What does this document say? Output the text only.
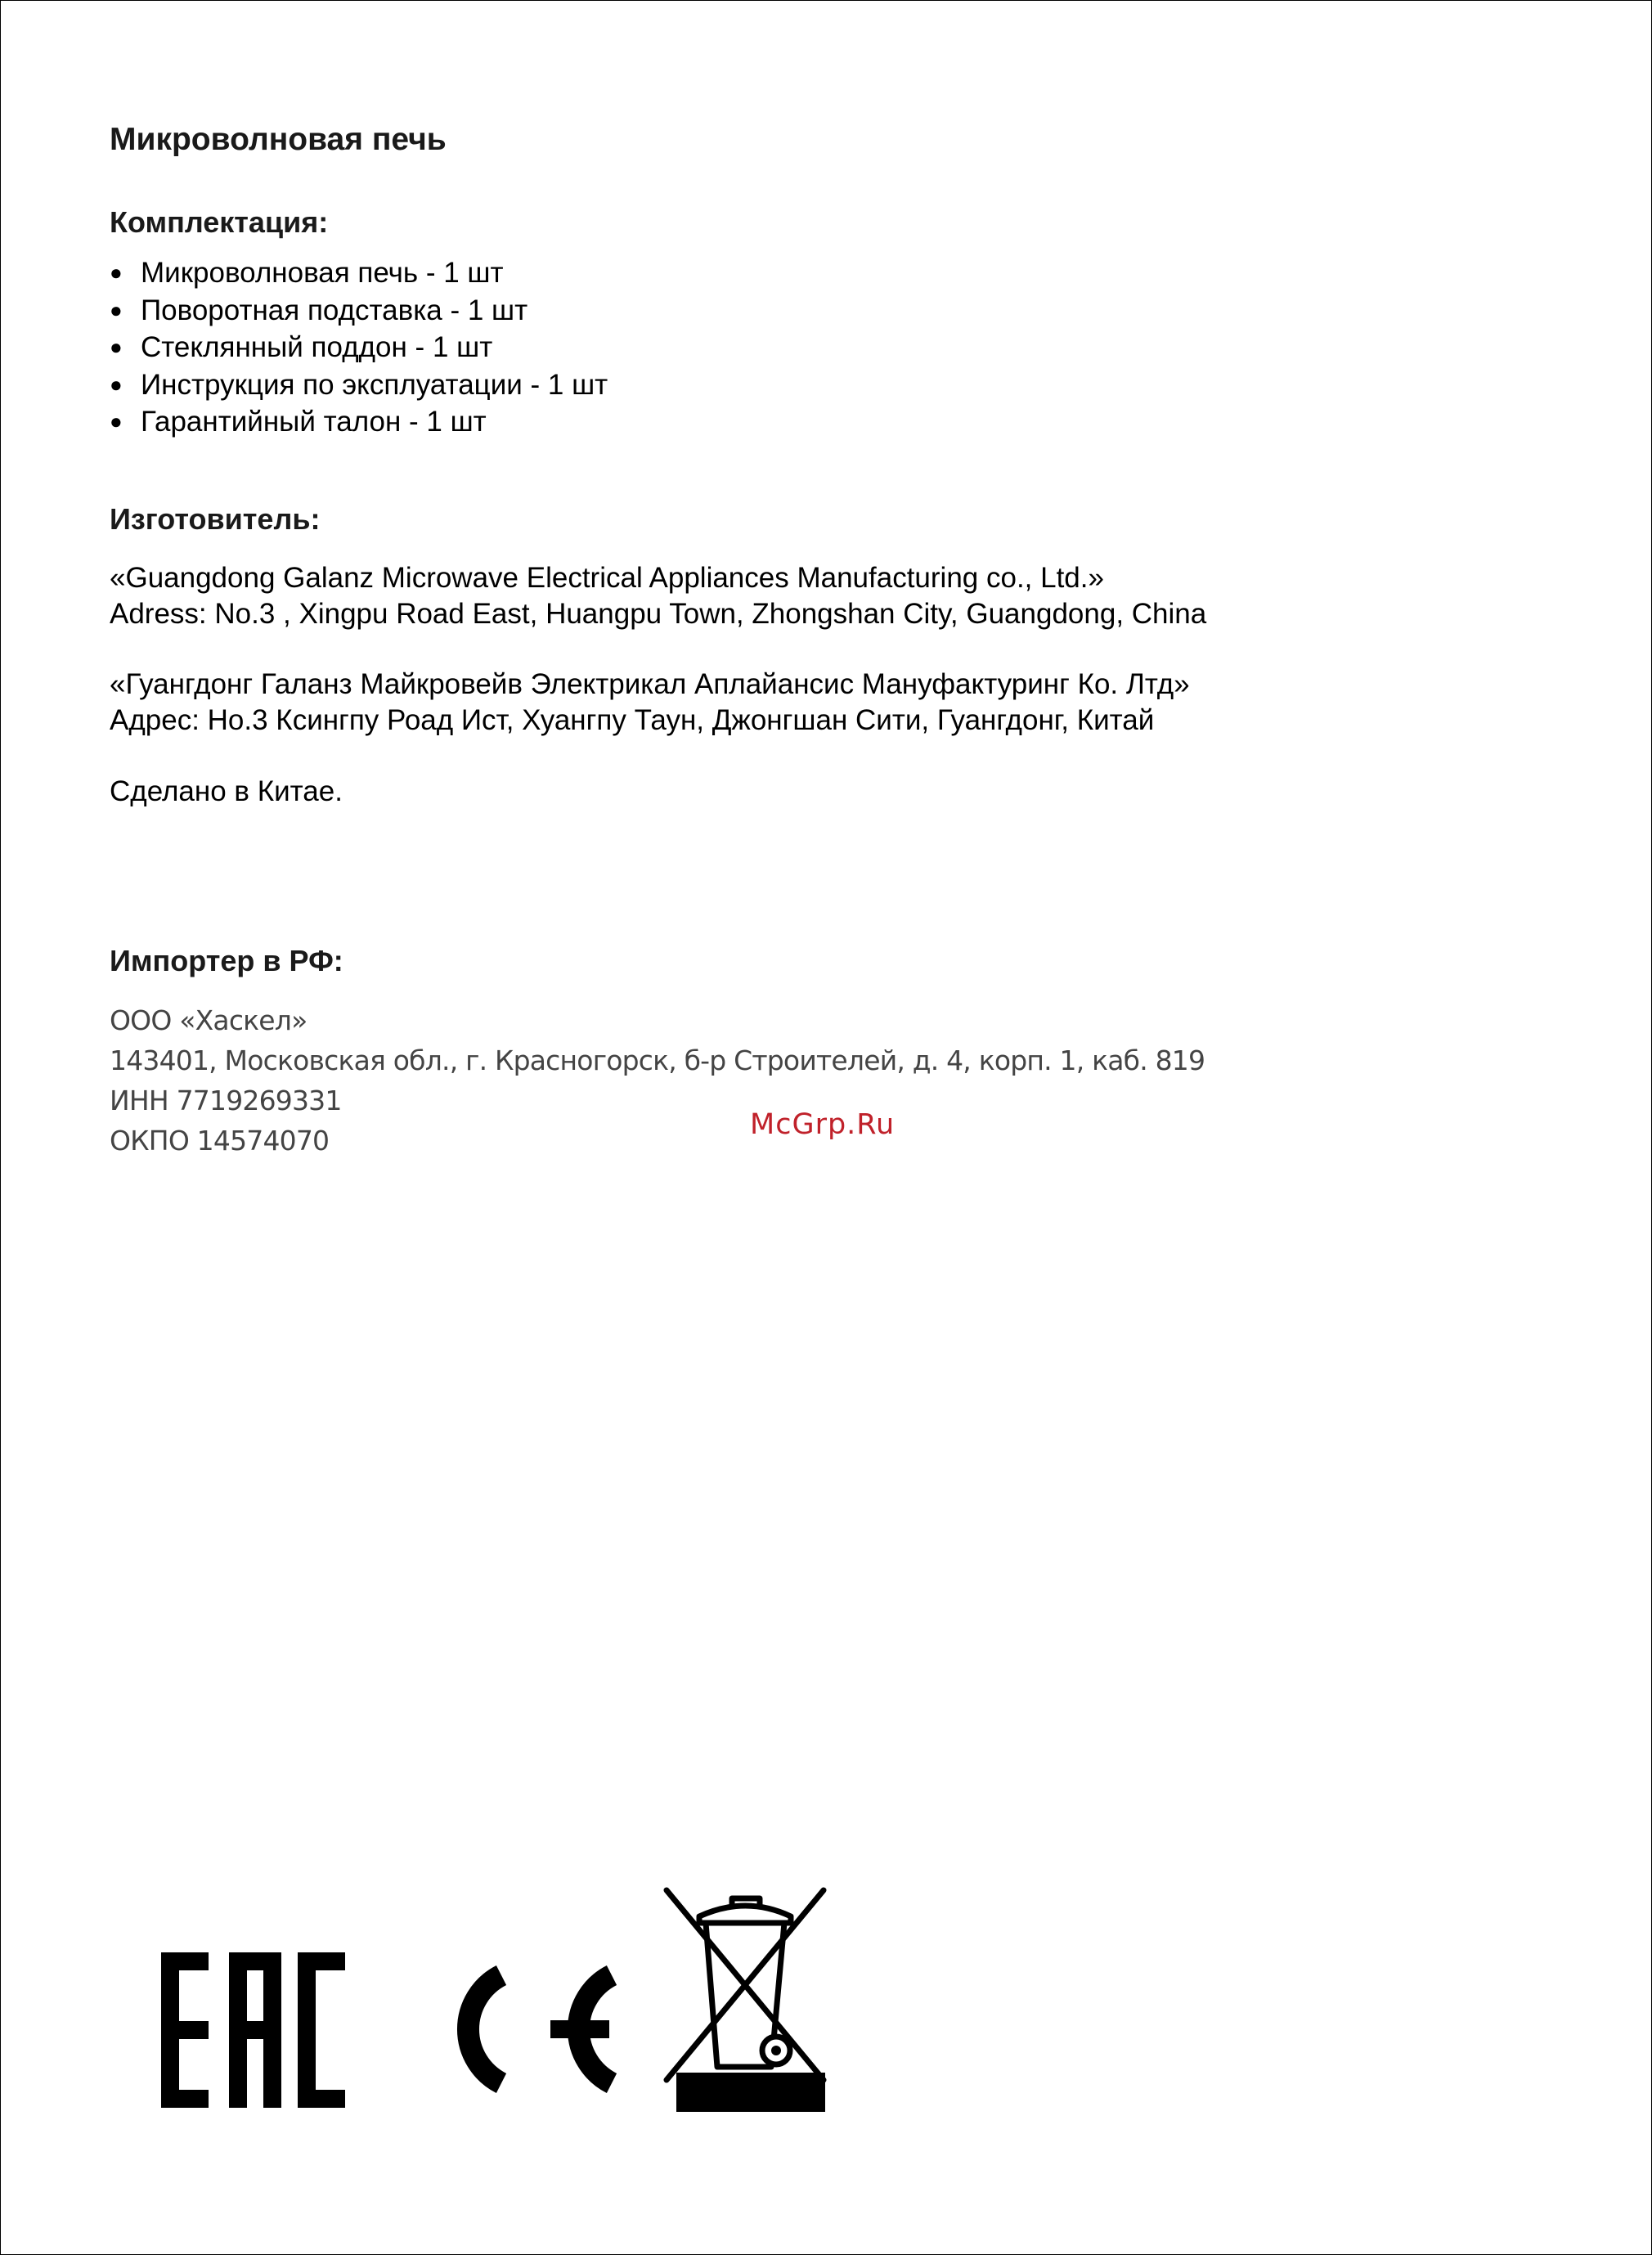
Микроволновая печь
Комплектация:
● Микроволновая печь - 1 шт
● Поворотная подставка - 1 шт
● Стеклянный поддон - 1 шт
● Инструкция по эксплуатации - 1 шт
● Гарантийный талон - 1 шт
Изготовитель:

«Guangdong Galanz Microwave Electrical Appliances Manufacturing co., Ltd.»

Adress: No.3 , Xingpu Road East, Huangpu Town, Zhongshan City, Guangdong, China

«Гуангдонг Галанз Майкровейв Электрикал Аплайансис Мануфактуринг Ко. Лтд»

Адрес: Но.3 Ксингпу Роад Ист, Хуангпу Таун, Джонгшан Сити, Гуангдонг, Китай

Сделано в Китае.

Импортер в РФ:

ООО «Хаскел»

143401, Московская обл., г. Красногорск, б-р Строителей, д. 4, корп. 1, каб. 819

ИНН 7719269331

ОКПО 14574070	McGrp.Ru
